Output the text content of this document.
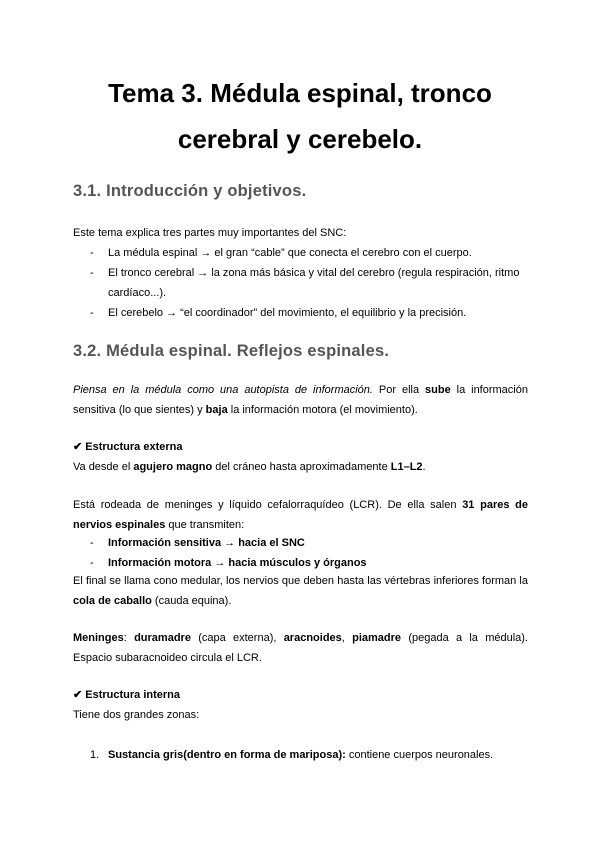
Tema 3. Médula espinal, tronco
cerebral y cerebelo.
3.1. Introducción y objetivos.
Este tema explica tres partes muy importantes del SNC:
- La médula espinal → el gran “cable” que conecta el cerebro con el cuerpo.
- El tronco cerebral → la zona más básica y vital del cerebro (regula respiración, ritmo cardíaco...).
- El cerebelo → “el coordinador” del movimiento, el equilibrio y la precisión.
3.2. Médula espinal. Reflejos espinales.
Piensa en la médula como una autopista de información. Por ella sube la información sensitiva (lo que sientes) y baja la información motora (el movimiento).
✔ Estructura externa
Va desde el agujero magno del cráneo hasta aproximadamente L1–L2.
Está rodeada de meninges y líquido cefalorraquídeo (LCR). De ella salen 31 pares de nervios espinales que transmiten:
- Información sensitiva → hacia el SNC
- Información motora → hacia músculos y órganos
El final se llama cono medular, los nervios que deben hasta las vértebras inferiores forman la cola de caballo (cauda equina).
Meninges: duramadre (capa externa), aracnoides, piamadre (pegada a la médula). Espacio subaracnoideo circula el LCR.
✔ Estructura interna
Tiene dos grandes zonas:
1. Sustancia gris(dentro en forma de mariposa): contiene cuerpos neuronales.
